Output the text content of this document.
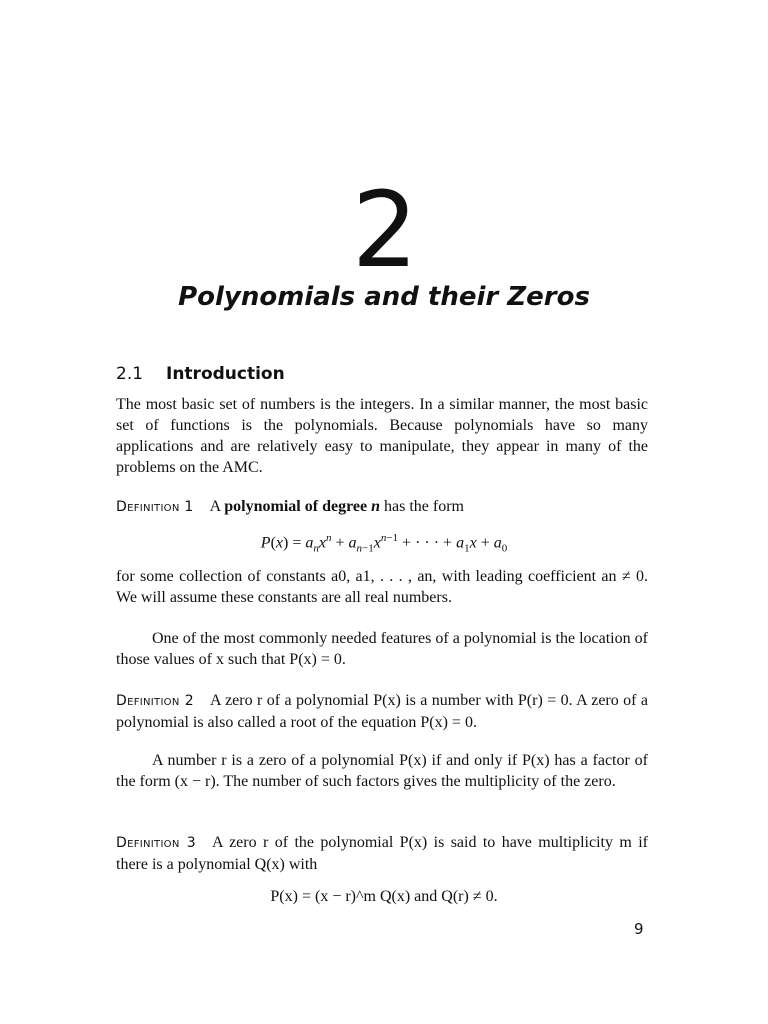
2
Polynomials and their Zeros
2.1 Introduction
The most basic set of numbers is the integers. In a similar manner, the most basic set of functions is the polynomials. Because polynomials have so many applications and are relatively easy to manipulate, they appear in many of the problems on the AMC.
Definition 1 A polynomial of degree n has the form
$P(x) = a_nx^n + a_{n-1}x^{n-1}$ + · · · + $a_1x + a_0$
for some collection of constants a0, a1, . . . , an, with leading coefficient an ≠ 0. We will assume these constants are all real numbers.
One of the most commonly needed features of a polynomial is the location of those values of x such that P(x) = 0.
Definition 2 A zero r of a polynomial P(x) is a number with P(r) = 0. A zero of a polynomial is also called a root of the equation P(x) = 0.
A number r is a zero of a polynomial P(x) if and only if P(x) has a factor of the form (x − r). The number of such factors gives the multiplicity of the zero.
Definition 3 A zero r of the polynomial P(x) is said to have multiplicity m if there is a polynomial Q(x) with
P(x) = (x − r)^m Q(x) and Q(r) ≠ 0.
9
